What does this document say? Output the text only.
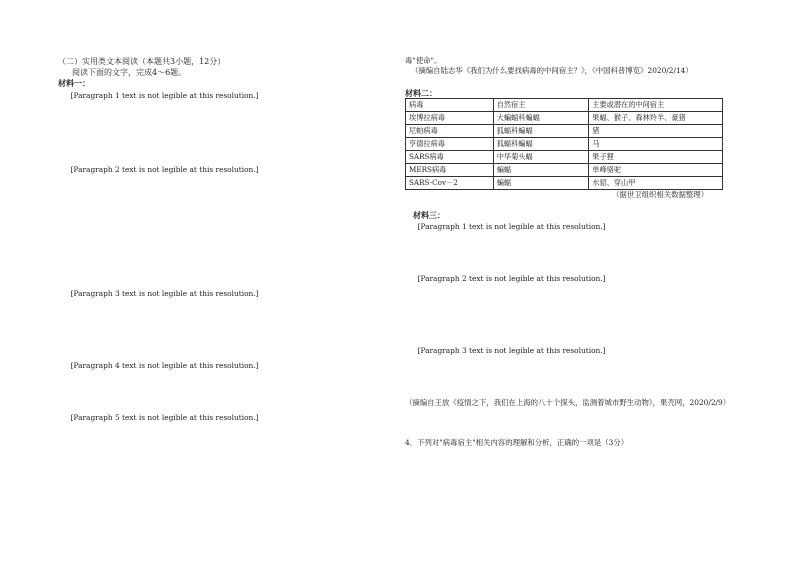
（二）实用类文本阅读（本题共3小题，12分）
阅读下面的文字，完成4～6题。
材料一：

[Paragraph 1 text is not legible at this resolution.]

[Paragraph 2 text is not legible at this resolution.]

[Paragraph 3 text is not legible at this resolution.]

[Paragraph 4 text is not legible at this resolution.]

[Paragraph 5 text is not legible at this resolution.]

毒"使命"。
（摘编自陆志华《我们为什么要找病毒的中间宿主？》，《中国科普博览》2020/2/14）
材料二：
病毒	自然宿主	主要或潜在的中间宿主
埃博拉病毒	大蝙蝠科蝙蝠	果蝠、猴子、森林羚羊、豪猪
尼帕病毒	狐蝠科蝙蝠	猪
亨德拉病毒	狐蝠科蝙蝠	马
SARS病毒	中华菊头蝠	果子狸
MERS病毒	蝙蝠	单峰骆驼
SARS-Cov－2	蝙蝠	水貂、穿山甲
（据世卫组织相关数据整理）
材料三：

[Paragraph 1 text is not legible at this resolution.]

[Paragraph 2 text is not legible at this resolution.]

[Paragraph 3 text is not legible at this resolution.]

（摘编自王放《疫情之下，我们在上海的八十个探头，监测着城市野生动物》，果壳网，2020/2/9）
4．下列对"病毒宿主"相关内容的理解和分析，正确的一项是（3分）
